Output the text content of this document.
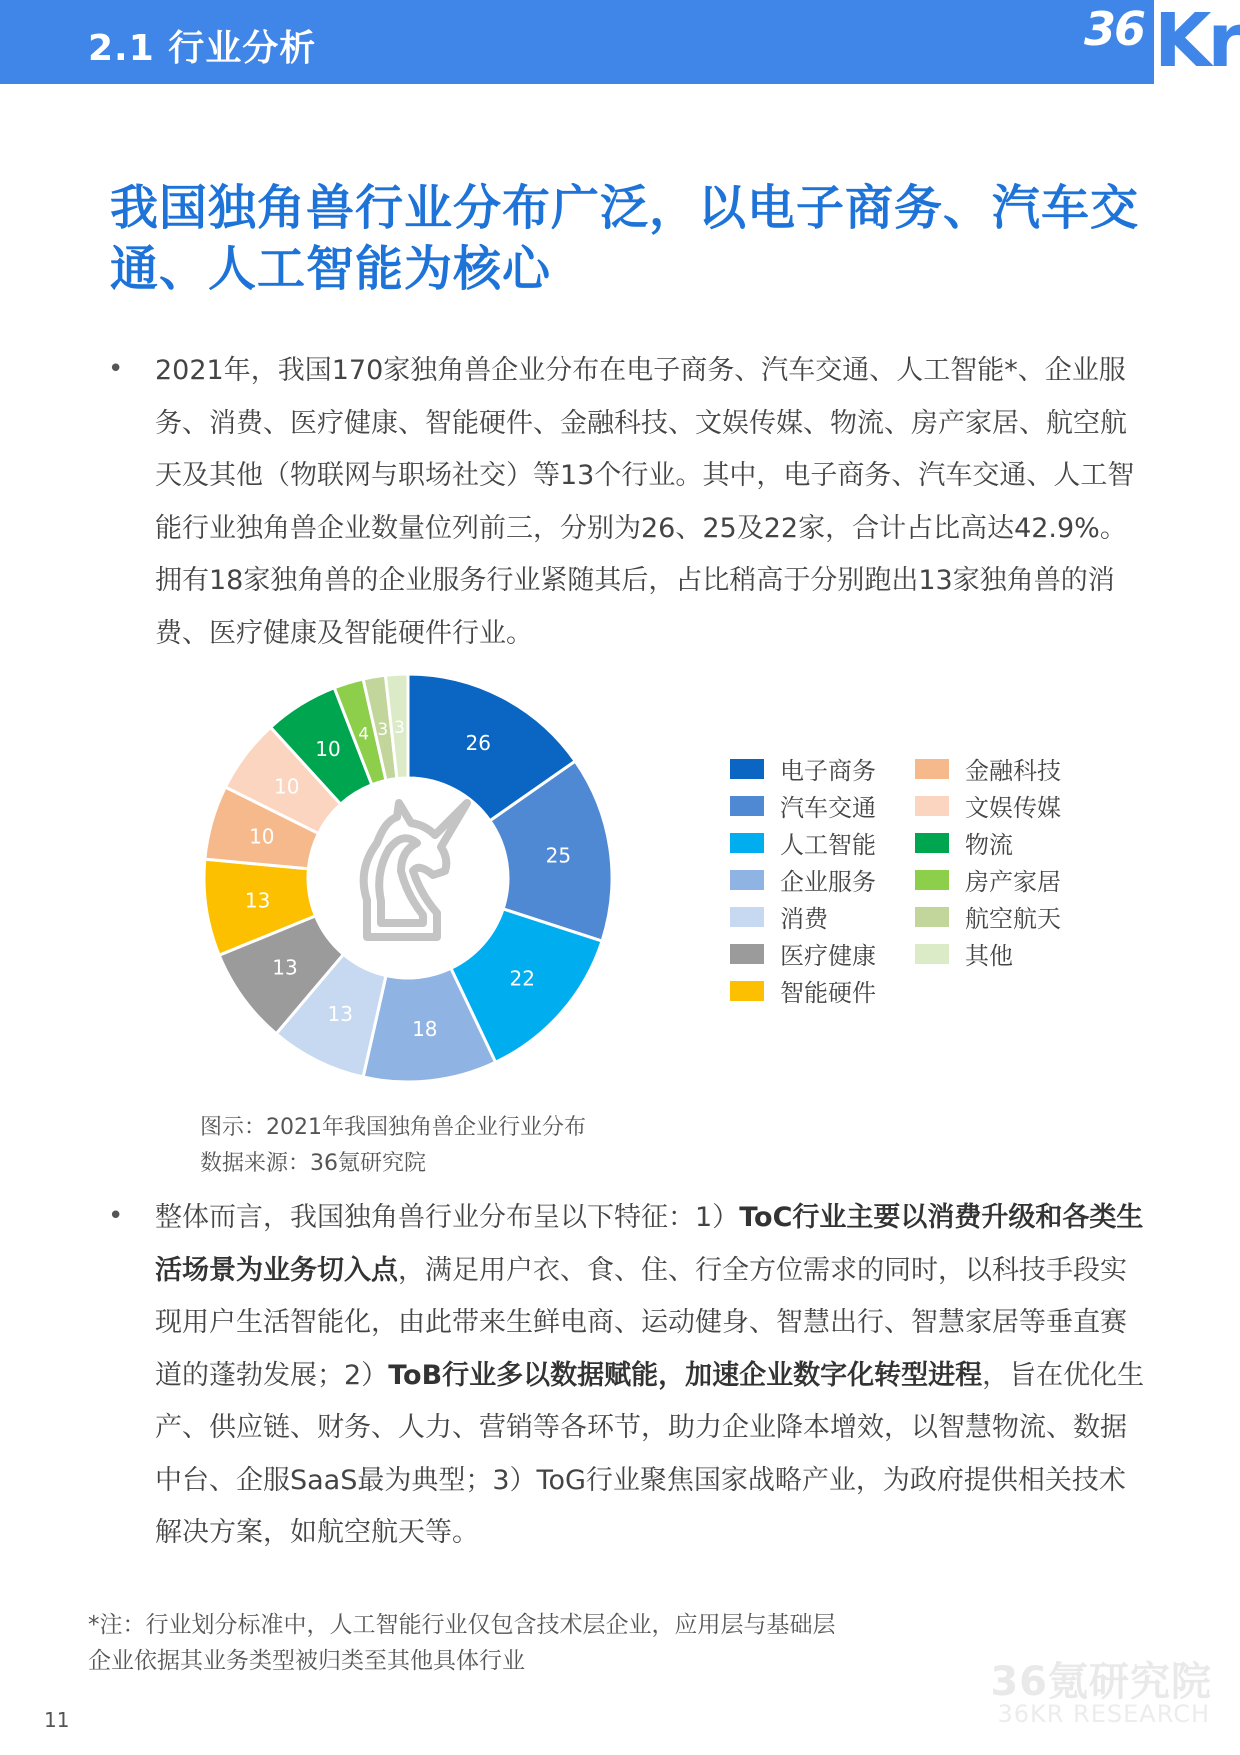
2.1 行业分析	36 Kr
我国独角兽行业分布广泛，以电子商务、汽车交通、人工智能为核心
• 2021年，我国170家独角兽企业分布在电子商务、汽车交通、人工智能*、企业服务、消费、医疗健康、智能硬件、金融科技、文娱传媒、物流、房产家居、航空航天及其他（物联网与职场社交）等13个行业。其中，电子商务、汽车交通、人工智能行业独角兽企业数量位列前三，分别为26、25及22家，合计占比高达42.9%。拥有18家独角兽的企业服务行业紧随其后，占比稍高于分别跑出13家独角兽的消费、医疗健康及智能硬件行业。
26
25
22
18
13
13
13
10
10
10
4 3 3
电子商务
汽车交通
人工智能
企业服务
消费
医疗健康
智能硬件
金融科技
文娱传媒
物流
房产家居
航空航天
其他
图示：2021年我国独角兽企业行业分布
数据来源：36氪研究院
• 整体而言，我国独角兽行业分布呈以下特征：1）ToC行业主要以消费升级和各类生活场景为业务切入点，满足用户衣、食、住、行全方位需求的同时，以科技手段实现用户生活智能化，由此带来生鲜电商、运动健身、智慧出行、智慧家居等垂直赛道的蓬勃发展；2）ToB行业多以数据赋能，加速企业数字化转型进程，旨在优化生产、供应链、财务、人力、营销等各环节，助力企业降本增效，以智慧物流、数据中台、企服SaaS最为典型；3）ToG行业聚焦国家战略产业，为政府提供相关技术解决方案，如航空航天等。
*注：行业划分标准中，人工智能行业仅包含技术层企业，应用层与基础层
企业依据其业务类型被归类至其他具体行业	36氪研究院
36KR RESEARCH
11
